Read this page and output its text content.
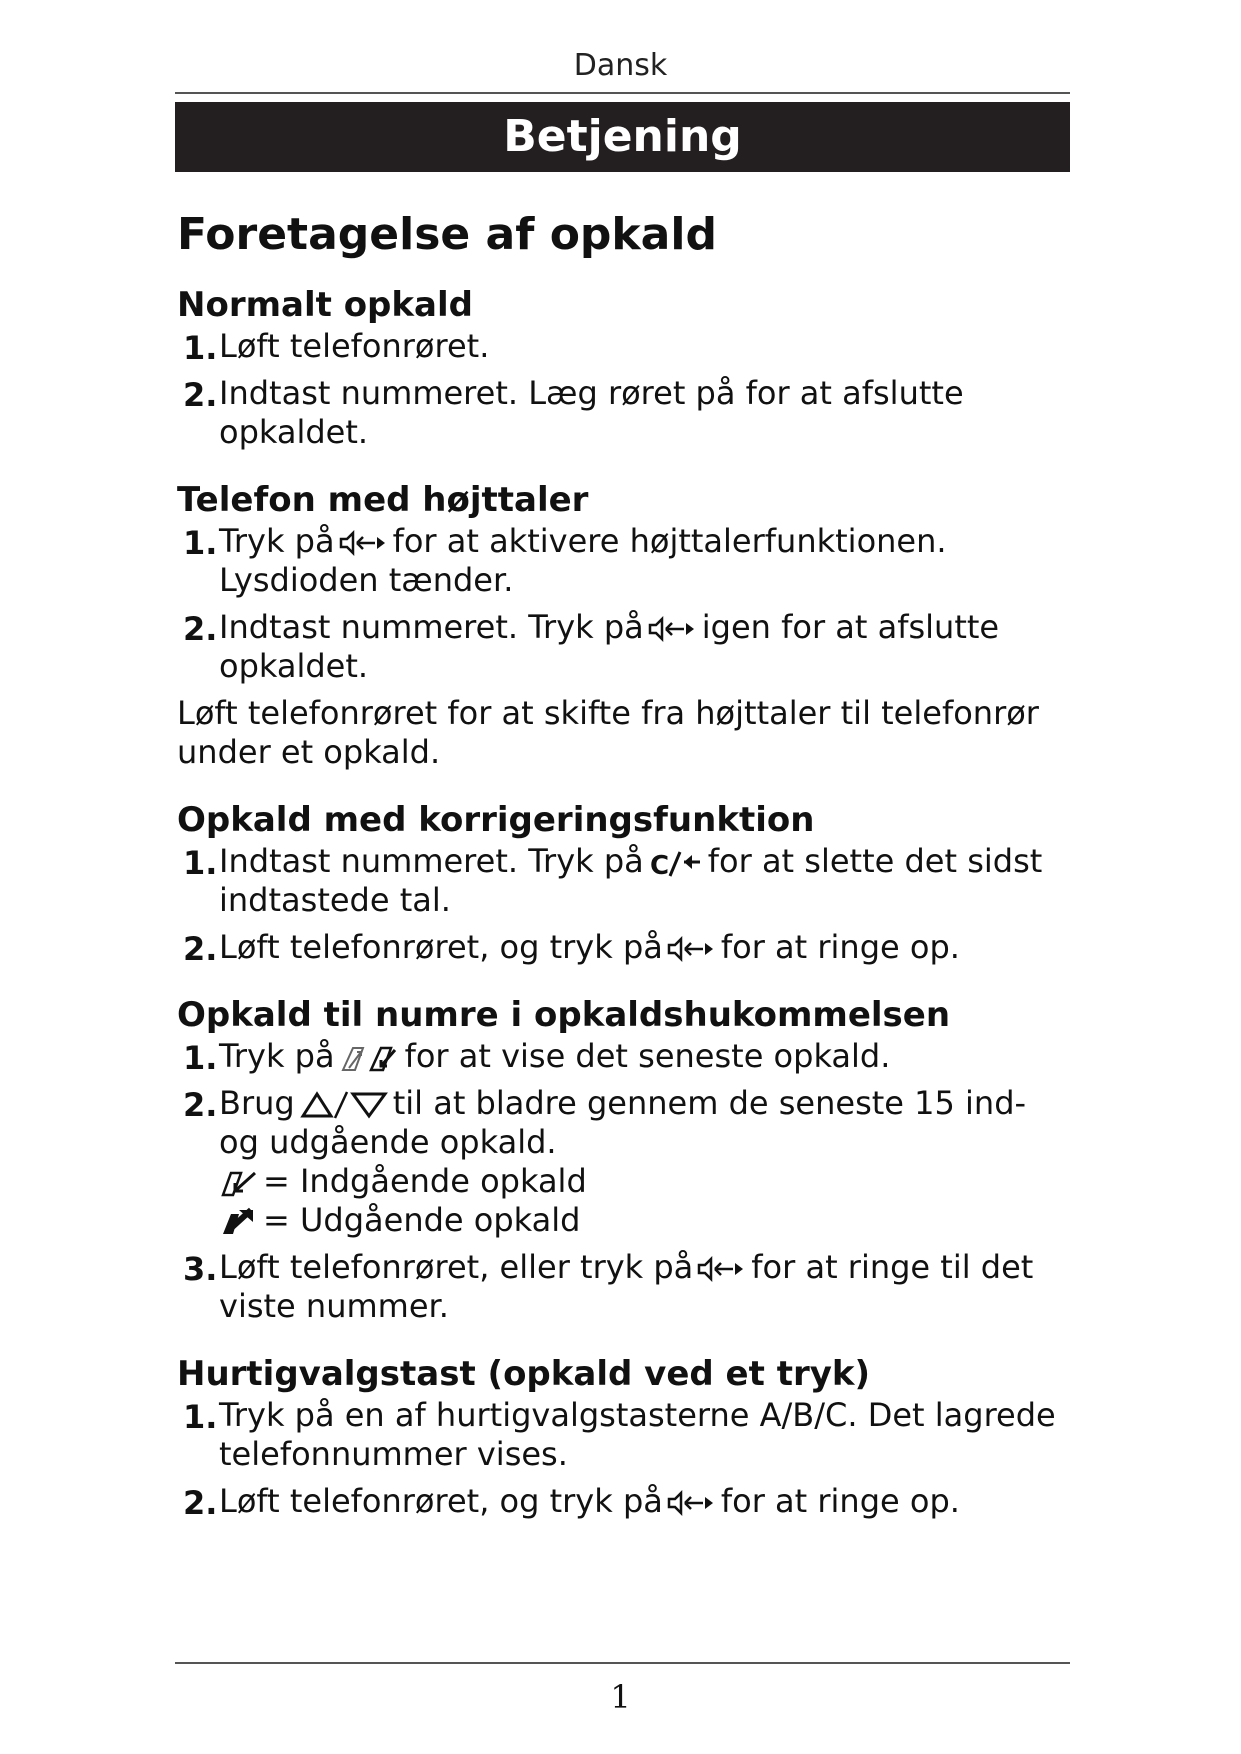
Dansk
Betjening
Foretagelse af opkald
Normalt opkald
1. Løft telefonrøret.
2. Indtast nummeret. Læg røret på for at afslutte opkaldet.
Telefon med højttaler
1. Tryk på for at aktivere højttalerfunktionen. Lysdioden tænder.
2. Indtast nummeret. Tryk på igen for at afslutte opkaldet.

Løft telefonrøret for at skifte fra højttaler til telefonrør under et opkald.

Opkald med korrigeringsfunktion
1. Indtast nummeret. Tryk på C for at slette det sidst indtastede tal.
2. Løft telefonrøret, og tryk på for at ringe op.
Opkald til numre i opkaldshukommelsen
1. Tryk på for at vise det seneste opkald.
2. Brug	til at bladre gennem de seneste 15 ind- og udgående opkald.
= Indgående opkald
= Udgående opkald
3. Løft telefonrøret, eller tryk på for at ringe til det viste nummer.
Hurtigvalgstast (opkald ved et tryk)
1. Tryk på en af hurtigvalgstasterne A/B/C. Det lagrede telefonnummer vises.
2. Løft telefonrøret, og tryk på for at ringe op.
1
